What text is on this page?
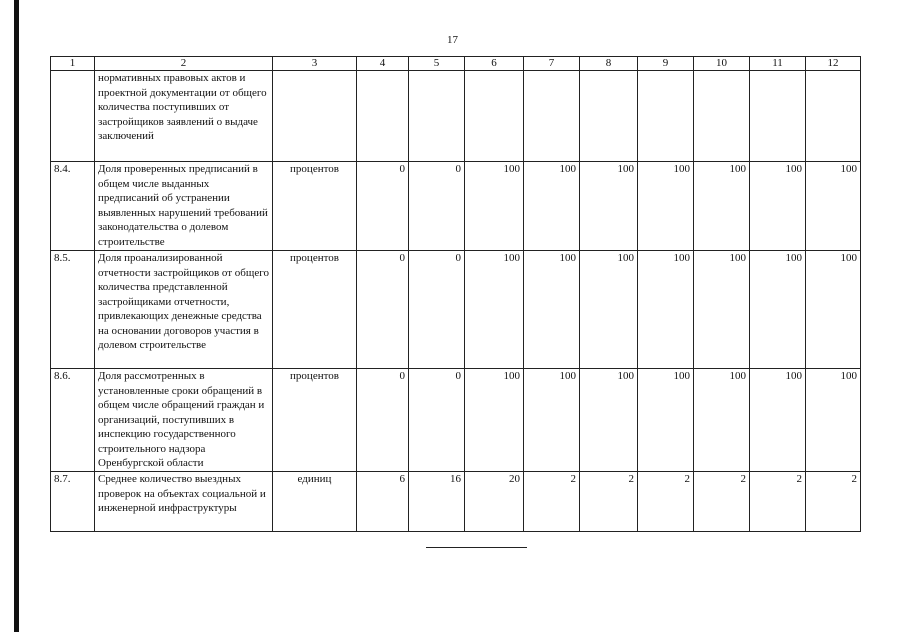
17
1	2	3	4	5	6	7	8	9	10	11	12
	нормативных правовых актов и проектной документации от общего количества поступивших от застройщиков заявлений о выдаче заключений										
8.4.	Доля проверенных предписаний в общем числе выданных предписаний об устранении выявленных нарушений требований законодательства о долевом строительстве	процентов	0	0	100	100	100	100	100	100	100
8.5.	Доля проанализированной отчетности застройщиков от общего количества представленной застройщиками отчетности, привлекающих денежные средства на основании договоров участия в долевом строительстве	процентов	0	0	100	100	100	100	100	100	100
8.6.	Доля рассмотренных в установленные сроки обращений в общем числе обращений граждан и организаций, поступивших в инспекцию государственного строительного надзора Оренбургской области	процентов	0	0	100	100	100	100	100	100	100
8.7.	Среднее количество выездных проверок на объектах социальной и инженерной инфраструктуры	единиц	6	16	20	2	2	2	2	2	2
